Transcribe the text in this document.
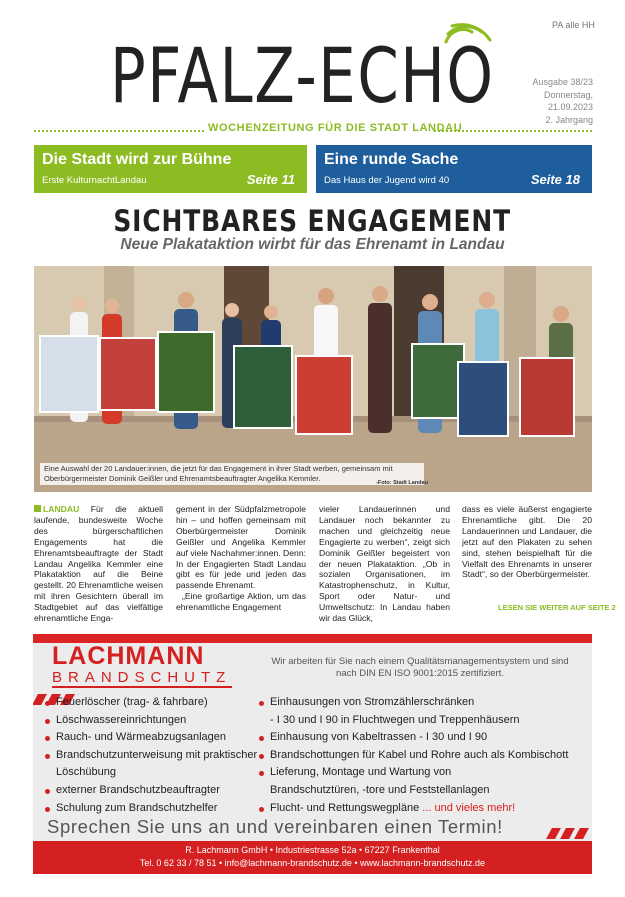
PA alle HH
PFALZ-ECHO	Ausgabe 38/23
Donnerstag, 21.09.2023
2. Jahrgang
WOCHENZEITUNG FÜR DIE STADT LANDAU
Die Stadt wird zur Bühne
Erste KulturnachtLandau	Seite 11
Eine runde Sache
Das Haus der Jugend wird 40	Seite 18
SICHTBARES ENGAGEMENT
Neue Plakataktion wirbt für das Ehrenamt in Landau
Eine Auswahl der 20 Landauer:innen, die jetzt für das Engagement in ihrer Stadt werben, gemeinsam mit Oberbürgermeister Dominik Geißler und Ehrenamtsbeauftragter Angelika Kemmler.	-Foto: Stadt Landau

LANDAU Für die aktuell laufende, bundesweite Woche des bürgerschaftlichen Engagements hat die Ehrenamtsbeauftragte der Stadt Landau Angelika Kemmler eine Plakataktion auf die Beine gestellt. 20 Ehrenamtliche weisen mit ihren Gesichtern überall im Stadtgebiet auf das vielfältige ehrenamtliche Enga-

gement in der Südpfalzmetropole hin – und hoffen gemeinsam mit Oberbürgermeister Dominik Geißler und Angelika Kemmler auf viele Nachahmer:innen. Denn: In der Engagierten Stadt Landau gibt es für jede und jeden das passende Ehrenamt.

„Eine großartige Aktion, um das ehrenamtliche Engagement

vieler Landauerinnen und Landauer noch bekannter zu machen und gleichzeitig neue Engagierte zu werben“, zeigt sich Dominik Geißler begeistert von der neuen Plakataktion. „Ob in sozialen Organisationen, im Katastrophenschutz, in Kultur, Sport oder Natur- und Umweltschutz: In Landau haben wir das Glück,

dass es viele äußerst engagierte Ehrenamtliche gibt. Die 20 Landauerinnen und Landauer, die jetzt auf den Plakaten zu sehen sind, stehen beispielhaft für die Vielfalt des Ehrenamts in unserer Stadt“, so der Oberbürgermeister.

LESEN SIE WEITER AUF SEITE 2
LACHMANN
BRANDSCHUTZ
Wir arbeiten für Sie nach einem Qualitätsmanagementsystem und sind nach DIN EN ISO 9001:2015 zertifiziert.
Feuerlöscher (trag- & fahrbare)
Löschwassereinrichtungen
Rauch- und Wärmeabzugsanlagen
Brandschutzunterweisung mit praktischer Löschübung
externer Brandschutzbeauftragter
Schulung zum Brandschutzhelfer
Einhausungen von Stromzählerschränken
- I 30 und I 90 in Fluchtwegen und Treppenhäusern
Einhausung von Kabeltrassen - I 30 und I 90
Brandschottungen für Kabel und Rohre auch als Kombischott
Lieferung, Montage und Wartung von
Brandschutztüren, -tore und Feststellanlagen
Flucht- und Rettungswegpläne ... und vieles mehr!
Sprechen Sie uns an und vereinbaren einen Termin!
R. Lachmann GmbH • Industriestrasse 52a • 67227 Frankenthal
Tel. 0 62 33 / 78 51 • info@lachmann-brandschutz.de • www.lachmann-brandschutz.de
